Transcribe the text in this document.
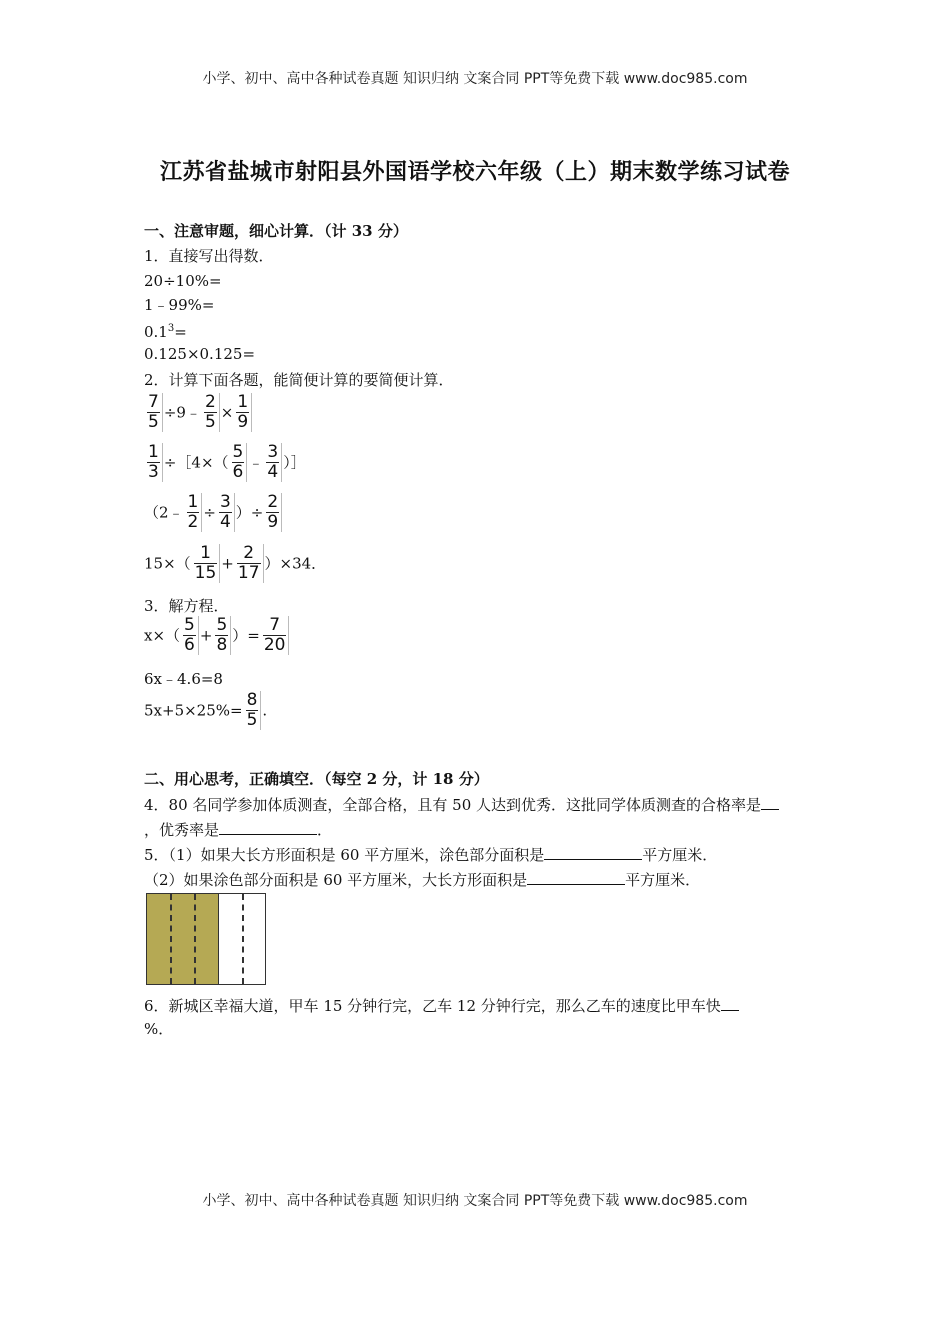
小学、初中、高中各种试卷真题 知识归纳 文案合同 PPT等免费下载 www.doc985.com
江苏省盐城市射阳县外国语学校六年级（上）期末数学练习试卷
一、注意审题，细心计算．（计 33 分）
1．直接写出得数．
20÷10%=
1﹣99%=
$0.1^3=$
0.125×0.125=
2．计算下面各题，能简便计算的要简便计算．
$\frac{7}{5}$ ÷9﹣ $\frac{2}{5} \times \frac{1}{9}$
$\frac{1}{3}$ ÷［4×（ $\frac{5}{6}$ ﹣ $\frac{3}{4}$ ）］
（2﹣ $\frac{1}{2} \div \frac{3}{4}$ ）÷ $\frac{2}{9}$
$15\times( \frac{1}{15} + \frac{2}{17} )\times 34$．
3．解方程．
$x\times( \frac{5}{6} + \frac{5}{8}$ ）= $\frac{7}{20}$
6x﹣4.6=8
$5x+5\times 25\%= \frac{8}{5}$ .
二、用心思考，正确填空．（每空 2 分，计 18 分）
4．80 名同学参加体质测查，全部合格，且有 50 人达到优秀．这批同学体质测查的合格率是
，优秀率是	．
5．（1）如果大长方形面积是 60 平方厘米，涂色部分面积是	平方厘米．
（2）如果涂色部分面积是 60 平方厘米，大长方形面积是	平方厘米．
6．新城区幸福大道，甲车 15 分钟行完，乙车 12 分钟行完，那么乙车的速度比甲车快
%．
小学、初中、高中各种试卷真题 知识归纳 文案合同 PPT等免费下载 www.doc985.com
